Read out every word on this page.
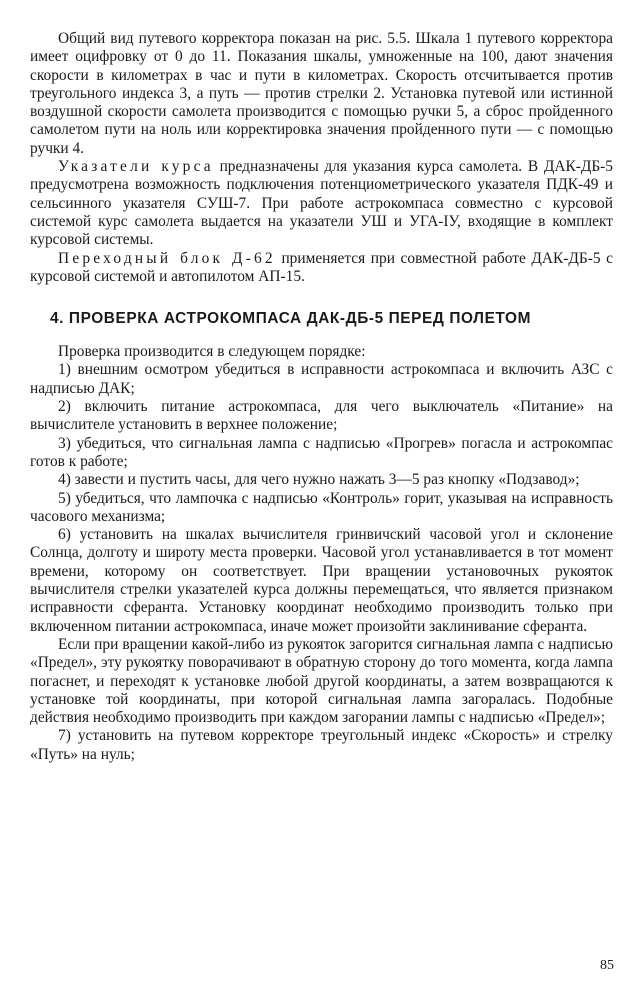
Общий вид путевого корректора показан на рис. 5.5. Шкала 1 путевого корректора имеет оцифровку от 0 до 11. Показания шкалы, умноженные на 100, дают значения скорости в километрах в час и пути в километрах. Скорость отсчитывается против треугольного индекса 3, а путь — против стрелки 2. Установка путевой или истинной воздушной скорости самолета производится с помощью ручки 5, а сброс пройденного самолетом пути на ноль или корректировка значения пройденного пути — с помощью ручки 4.

Указатели курса предназначены для указания курса самолета. В ДАК-ДБ-5 предусмотрена возможность подключения потенциометрического указателя ПДК-49 и сельсинного указателя СУШ-7. При работе астрокомпаса совместно с курсовой системой курс самолета выдается на указатели УШ и УГА-IУ, входящие в комплект курсовой системы.

Переходный блок Д-62 применяется при совместной работе ДАК-ДБ-5 с курсовой системой и автопилотом АП-15.

4. ПРОВЕРКА АСТРОКОМПАСА ДАК-ДБ-5 ПЕРЕД ПОЛЕТОМ

Проверка производится в следующем порядке:

1) внешним осмотром убедиться в исправности астрокомпаса и включить АЗС с надписью ДАК;

2) включить питание астрокомпаса, для чего выключатель «Питание» на вычислителе установить в верхнее положение;

3) убедиться, что сигнальная лампа с надписью «Прогрев» погасла и астрокомпас готов к работе;

4) завести и пустить часы, для чего нужно нажать 3—5 раз кнопку «Подзавод»;

5) убедиться, что лампочка с надписью «Контроль» горит, указывая на исправность часового механизма;

6) установить на шкалах вычислителя гринвичский часовой угол и склонение Солнца, долготу и широту места проверки. Часовой угол устанавливается в тот момент времени, которому он соответствует. При вращении установочных рукояток вычислителя стрелки указателей курса должны перемещаться, что является признаком исправности сферанта. Установку координат необходимо производить только при включенном питании астрокомпаса, иначе может произойти заклинивание сферанта.

Если при вращении какой-либо из рукояток загорится сигнальная лампа с надписью «Предел», эту рукоятку поворачивают в обратную сторону до того момента, когда лампа погаснет, и переходят к установке любой другой координаты, а затем возвращаются к установке той координаты, при которой сигнальная лампа загоралась. Подобные действия необходимо производить при каждом загорании лампы с надписью «Предел»;

7) установить на путевом корректоре треугольный индекс «Скорость» и стрелку «Путь» на нуль;

85
